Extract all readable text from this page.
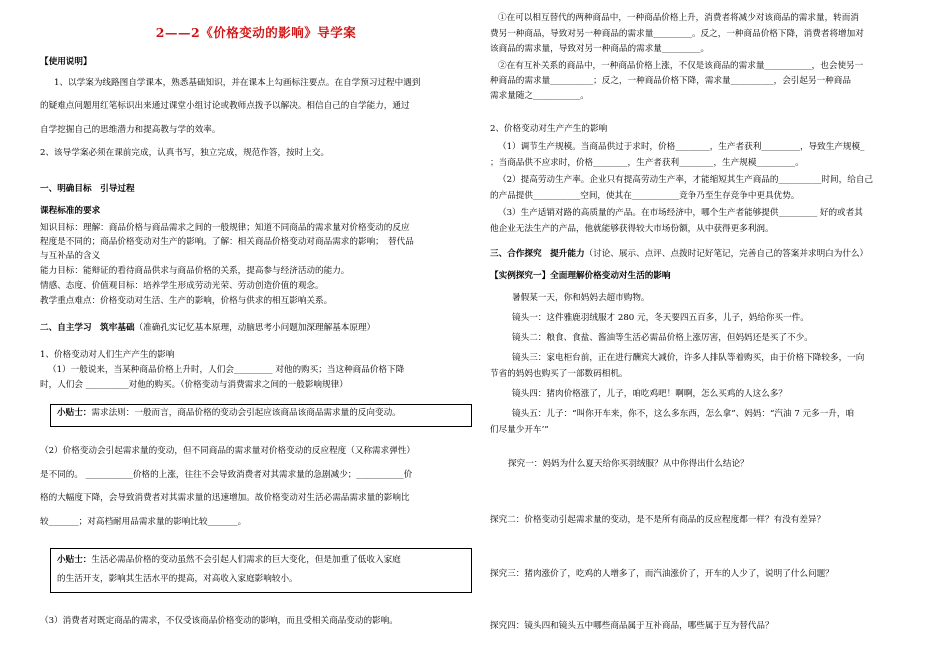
2——2《价格变动的影响》导学案
【使用说明】
1、以学案为线路图自学课本，熟悉基础知识，并在课本上勾画标注要点。在自学预习过程中遇到
的疑难点问题用红笔标识出来通过课堂小组讨论或教师点拨予以解决。相信自己的自学能力，通过
自学挖掘自己的思维潜力和提高教与学的效率。
2、该导学案必须在课前完成，认真书写，独立完成，规范作答，按时上交。
一、明确目标　引导过程
课程标准的要求
知识目标：理解：商品价格与商品需求之间的一般规律；知道不同商品的需求量对价格变动的反应
程度是不同的；商品价格变动对生产的影响。了解：相关商品价格变动对商品需求的影响；　替代品
与互补品的含义
能力目标：能辩证的看待商品供求与商品价格的关系，提高参与经济活动的能力。
情感、态度、价值观目标：培养学生形成劳动光荣、劳动创造价值的观念。
教学重点难点：价格变动对生活、生产的影响，价格与供求的相互影响关系。
二、自主学习　筑牢基础（准确孔实记忆基本原理，动脑思考小问题加深理解基本原理）
1、价格变动对人们生产产生的影响
（1）一般说来，当某种商品价格上升时，人们会_________ 对他的购买；当这种商品价格下降
时，人们会 __________对他的购买。（价格变动与消费需求之间的一般影响规律）
小贴士：需求法则：一般而言，商品价格的变动会引起应该商品该商品需求量的反向变动。
（2）价格变动会引起需求量的变动，但不同商品的需求量对价格变动的反应程度（又称需求弹性）
是不同的。 ___________价格的上涨，往往不会导致消费者对其需求量的急剧减少；___________价
格的大幅度下降，会导致消费者对其需求量的迅速增加。故价格变动对生活必需品需求量的影响比
较_______；对高档耐用品需求量的影响比较_______。
小贴士：生活必需品价格的变动虽然不会引起人们需求的巨大变化，但是加重了低收入家庭
的生活开支，影响其生活水平的提高，对高收入家庭影响较小。
（3）消费者对既定商品的需求，不仅受该商品价格变动的影响，而且受相关商品变动的影响。
①在可以相互替代的两种商品中，一种商品价格上升，消费者将减少对该商品的需求量，转而消
费另一种商品，导致对另一种商品的需求量_________。反之，一种商品价格下降，消费者将增加对
该商品的需求量，导致对另一种商品的需求量_________。
②在有互补关系的商品中，一种商品价格上涨，不仅是该商品的需求量___________，也会使另一
种商品的需求量__________；反之，一种商品价格下降，需求量__________，会引起另一种商品
需求量随之___________。
2、价格变动对生产产生的影响
（1）调节生产规模。当商品供过于求时，价格________，生产者获利_________，导致生产规模_
；当商品供不应求时，价格________，生产者获利________，生产规模_________。
（2）提高劳动生产率。企业只有提高劳动生产率，才能缩短其生产商品的__________时间，给自己
的产品提供___________空间，使其在___________竞争乃至生存竞争中更具优势。
（3）生产适销对路的高质量的产品。在市场经济中，哪个生产者能够提供_________ 好的或者其
他企业无法生产的产品，他就能够获得较大市场份额，从中获得更多利润。
三、合作探究　提升能力（讨论、展示、点评、点拨时记好笔记，完善自己的答案并求明白为什么）
【实例探究一】全面理解价格变动对生活的影响
暑假某一天，你和妈妈去超市购物。
镜头一：这件雅鹿羽绒服才 280 元，冬天要四五百多，儿子，妈给你买一件。
镜头二：粮食、食盐、酱油等生活必需品价格上涨厉害，但妈妈还是买了不少。
镜头三：家电柜台前，正在进行酬宾大减价，许多人排队等着购买，由于价格下降较多，一向
节省的妈妈也购买了一部数码相机。
镜头四：猪肉价格涨了，儿子，咱吃鸡吧！啊啊，怎么买鸡的人这么多？
镜头五：儿子：“叫你开车来，你不，这么多东西，怎么拿”、妈妈：“汽油 7 元多一升，咱
们尽量少开车’”
探究一：妈妈为什么夏天给你买羽绒服？从中你得出什么结论？
探究二：价格变动引起需求量的变动，是不是所有商品的反应程度都一样？有没有差异？
探究三：猪肉涨价了，吃鸡的人增多了，而汽油涨价了，开车的人少了，说明了什么问题？
探究四：镜头四和镜头五中哪些商品属于互补商品，哪些属于互为替代品？
